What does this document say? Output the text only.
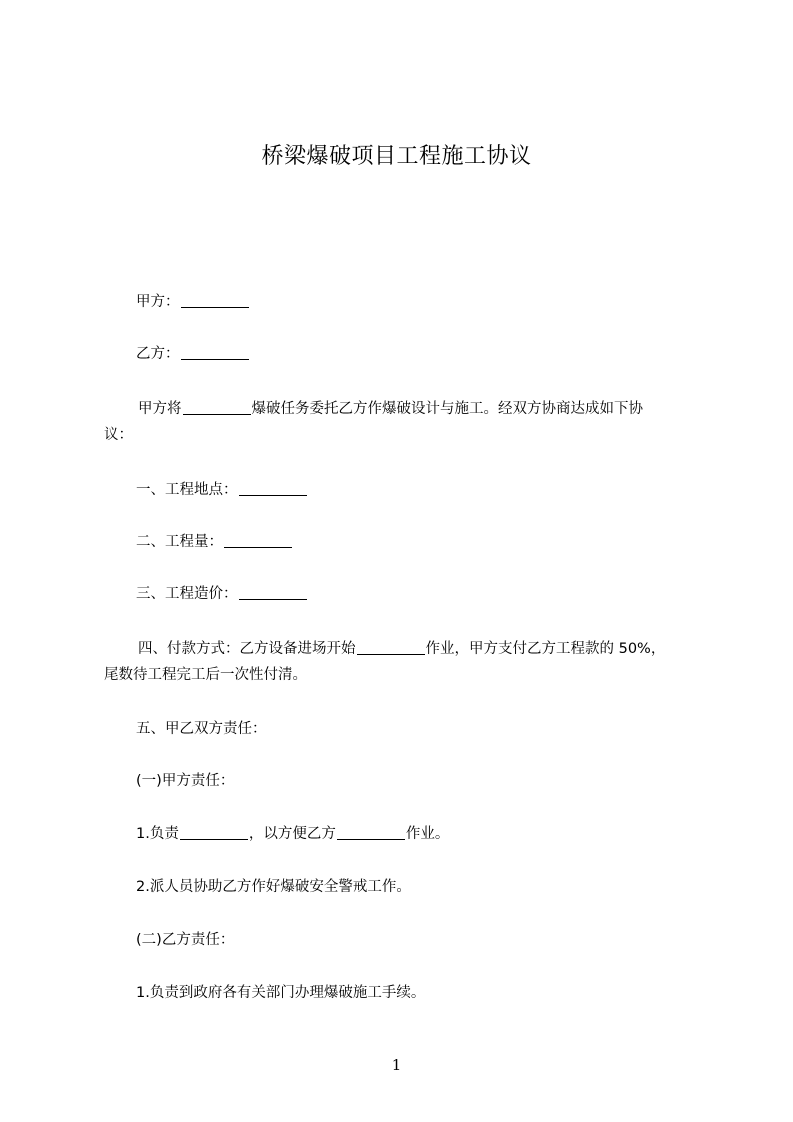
桥梁爆破项目工程施工协议
甲方：
乙方：
甲方将	爆破任务委托乙方作爆破设计与施工。经双方协商达成如下协
议：
一、工程地点：
二、工程量：
三、工程造价：
四、付款方式：乙方设备进场开始	作业，甲方支付乙方工程款的 50%，
尾数待工程完工后一次性付清。
五、甲乙双方责任：
(一)甲方责任：
1.负责	，以方便乙方	作业。
2.派人员协助乙方作好爆破安全警戒工作。
(二)乙方责任：
1.负责到政府各有关部门办理爆破施工手续。
1
